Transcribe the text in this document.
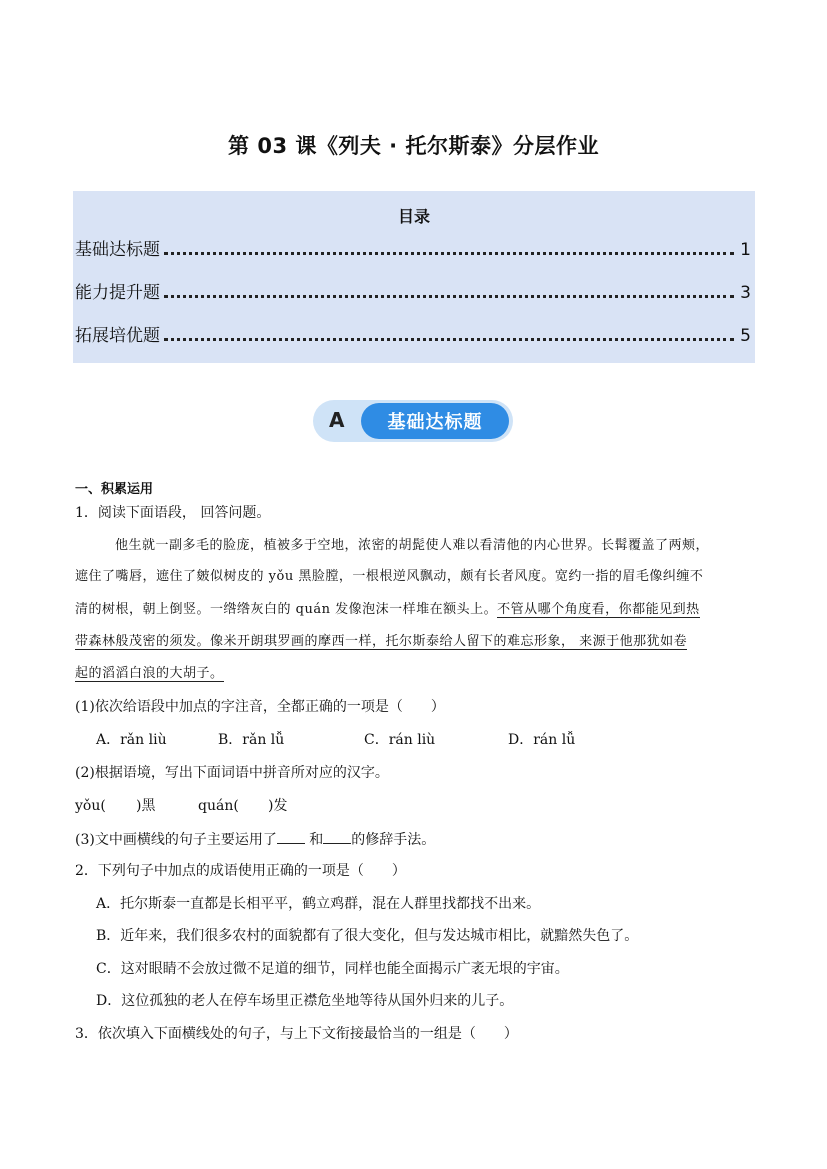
第 03 课《列夫 · 托尔斯泰》分层作业
目录
基础达标题	1
能力提升题	3
拓展培优题	5
A	基础达标题
一、积累运用
1．阅读下面语段， 回答问题。
他生就一副多毛的脸庞，植被多于空地，浓密的胡髭使人难以看清他的内心世界。长髯覆盖了两颊，
遮住了嘴唇，遮住了皴似树皮的 yǒu 黑脸膛，一根根逆风飘动，颇有长者风度。宽约一指的眉毛像纠缠不
清的树根，朝上倒竖。一绺绺灰白的 quán 发像泡沫一样堆在额头上。不管从哪个角度看，你都能见到热
带森林般茂密的须发。像米开朗琪罗画的摩西一样，托尔斯泰给人留下的难忘形象， 来源于他那犹如卷
起的滔滔白浪的大胡子。
(1)依次给语段中加点的字注音，全都正确的一项是（　　）
A．rǎn liù	B．rǎn lǚ	C．rán liù	D．rán lǚ
(2)根据语境，写出下面词语中拼音所对应的汉字。
yǒu( )黑	quán( )发
(3)文中画横线的句子主要运用了 和 的修辞手法。
2．下列句子中加点的成语使用正确的一项是（　　）
A．托尔斯泰一直都是长相平平，鹤立鸡群，混在人群里找都找不出来。
B．近年来，我们很多农村的面貌都有了很大变化，但与发达城市相比，就黯然失色了。
C．这对眼睛不会放过微不足道的细节，同样也能全面揭示广袤无垠的宇宙。
D．这位孤独的老人在停车场里正襟危坐地等待从国外归来的儿子。
3．依次填入下面横线处的句子，与上下文衔接最恰当的一组是（　　）
